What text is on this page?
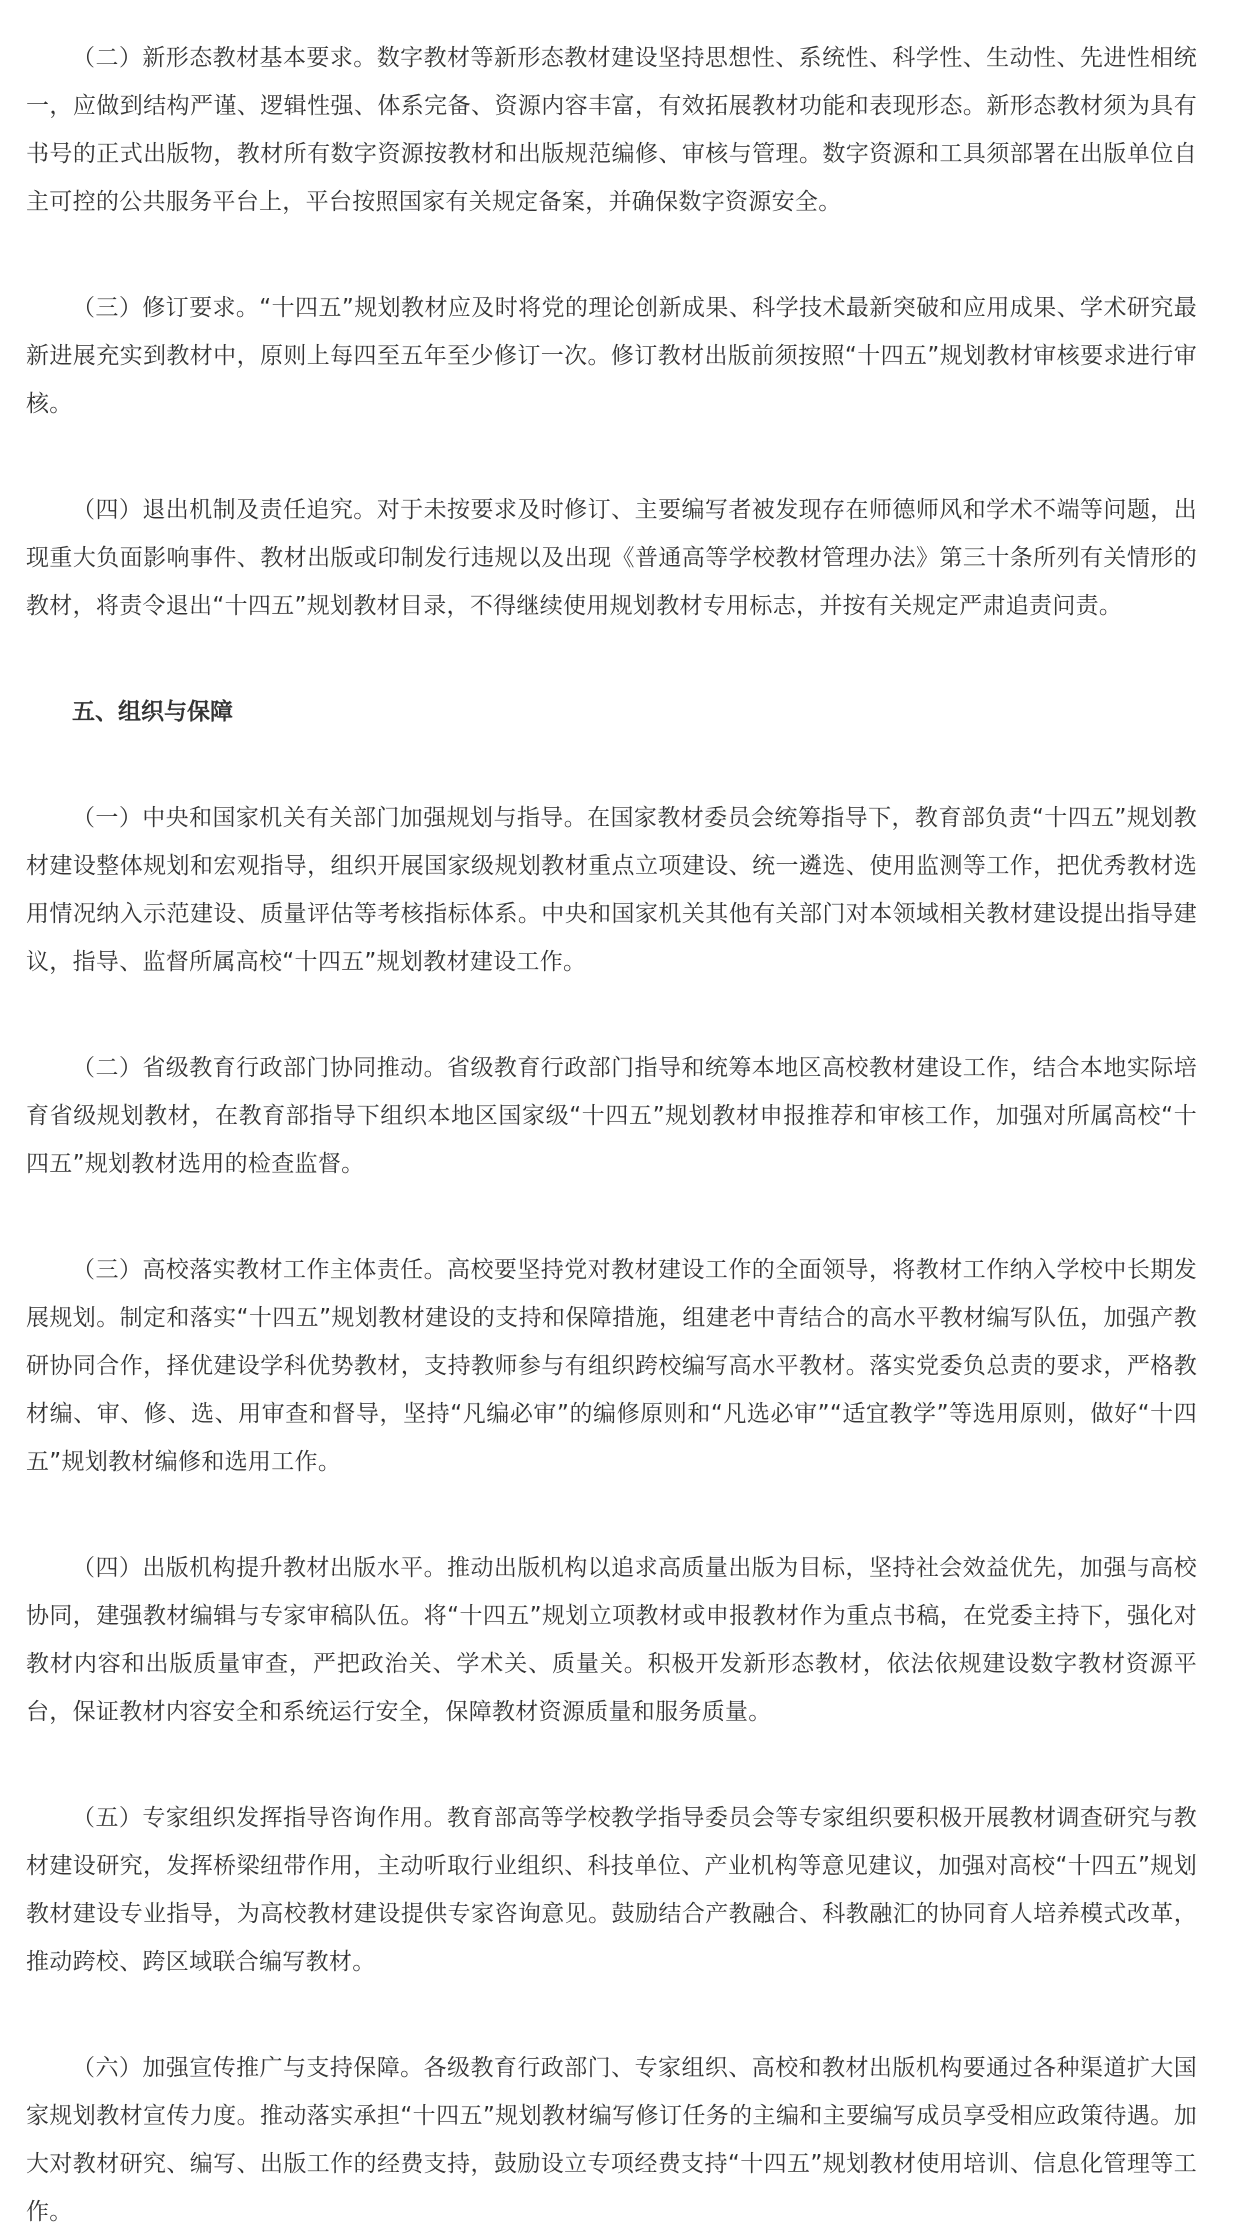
（二）新形态教材基本要求。数字教材等新形态教材建设坚持思想性、系统性、科学性、生动性、先进性相统一，应做到结构严谨、逻辑性强、体系完备、资源内容丰富，有效拓展教材功能和表现形态。新形态教材须为具有书号的正式出版物，教材所有数字资源按教材和出版规范编修、审核与管理。数字资源和工具须部署在出版单位自主可控的公共服务平台上，平台按照国家有关规定备案，并确保数字资源安全。

（三）修订要求。“十四五”规划教材应及时将党的理论创新成果、科学技术最新突破和应用成果、学术研究最新进展充实到教材中，原则上每四至五年至少修订一次。修订教材出版前须按照“十四五”规划教材审核要求进行审核。

（四）退出机制及责任追究。对于未按要求及时修订、主要编写者被发现存在师德师风和学术不端等问题，出现重大负面影响事件、教材出版或印制发行违规以及出现《普通高等学校教材管理办法》第三十条所列有关情形的教材，将责令退出“十四五”规划教材目录，不得继续使用规划教材专用标志，并按有关规定严肃追责问责。

五、组织与保障

（一）中央和国家机关有关部门加强规划与指导。在国家教材委员会统筹指导下，教育部负责“十四五”规划教材建设整体规划和宏观指导，组织开展国家级规划教材重点立项建设、统一遴选、使用监测等工作，把优秀教材选用情况纳入示范建设、质量评估等考核指标体系。中央和国家机关其他有关部门对本领域相关教材建设提出指导建议，指导、监督所属高校“十四五”规划教材建设工作。

（二）省级教育行政部门协同推动。省级教育行政部门指导和统筹本地区高校教材建设工作，结合本地实际培育省级规划教材，在教育部指导下组织本地区国家级“十四五”规划教材申报推荐和审核工作，加强对所属高校“十四五”规划教材选用的检查监督。

（三）高校落实教材工作主体责任。高校要坚持党对教材建设工作的全面领导，将教材工作纳入学校中长期发展规划。制定和落实“十四五”规划教材建设的支持和保障措施，组建老中青结合的高水平教材编写队伍，加强产教研协同合作，择优建设学科优势教材，支持教师参与有组织跨校编写高水平教材。落实党委负总责的要求，严格教材编、审、修、选、用审查和督导，坚持“凡编必审”的编修原则和“凡选必审”“适宜教学”等选用原则，做好“十四五”规划教材编修和选用工作。

（四）出版机构提升教材出版水平。推动出版机构以追求高质量出版为目标，坚持社会效益优先，加强与高校协同，建强教材编辑与专家审稿队伍。将“十四五”规划立项教材或申报教材作为重点书稿，在党委主持下，强化对教材内容和出版质量审查，严把政治关、学术关、质量关。积极开发新形态教材，依法依规建设数字教材资源平台，保证教材内容安全和系统运行安全，保障教材资源质量和服务质量。

（五）专家组织发挥指导咨询作用。教育部高等学校教学指导委员会等专家组织要积极开展教材调查研究与教材建设研究，发挥桥梁纽带作用，主动听取行业组织、科技单位、产业机构等意见建议，加强对高校“十四五”规划教材建设专业指导，为高校教材建设提供专家咨询意见。鼓励结合产教融合、科教融汇的协同育人培养模式改革，推动跨校、跨区域联合编写教材。

（六）加强宣传推广与支持保障。各级教育行政部门、专家组织、高校和教材出版机构要通过各种渠道扩大国家规划教材宣传力度。推动落实承担“十四五”规划教材编写修订任务的主编和主要编写成员享受相应政策待遇。加大对教材研究、编写、出版工作的经费支持，鼓励设立专项经费支持“十四五”规划教材使用培训、信息化管理等工作。
